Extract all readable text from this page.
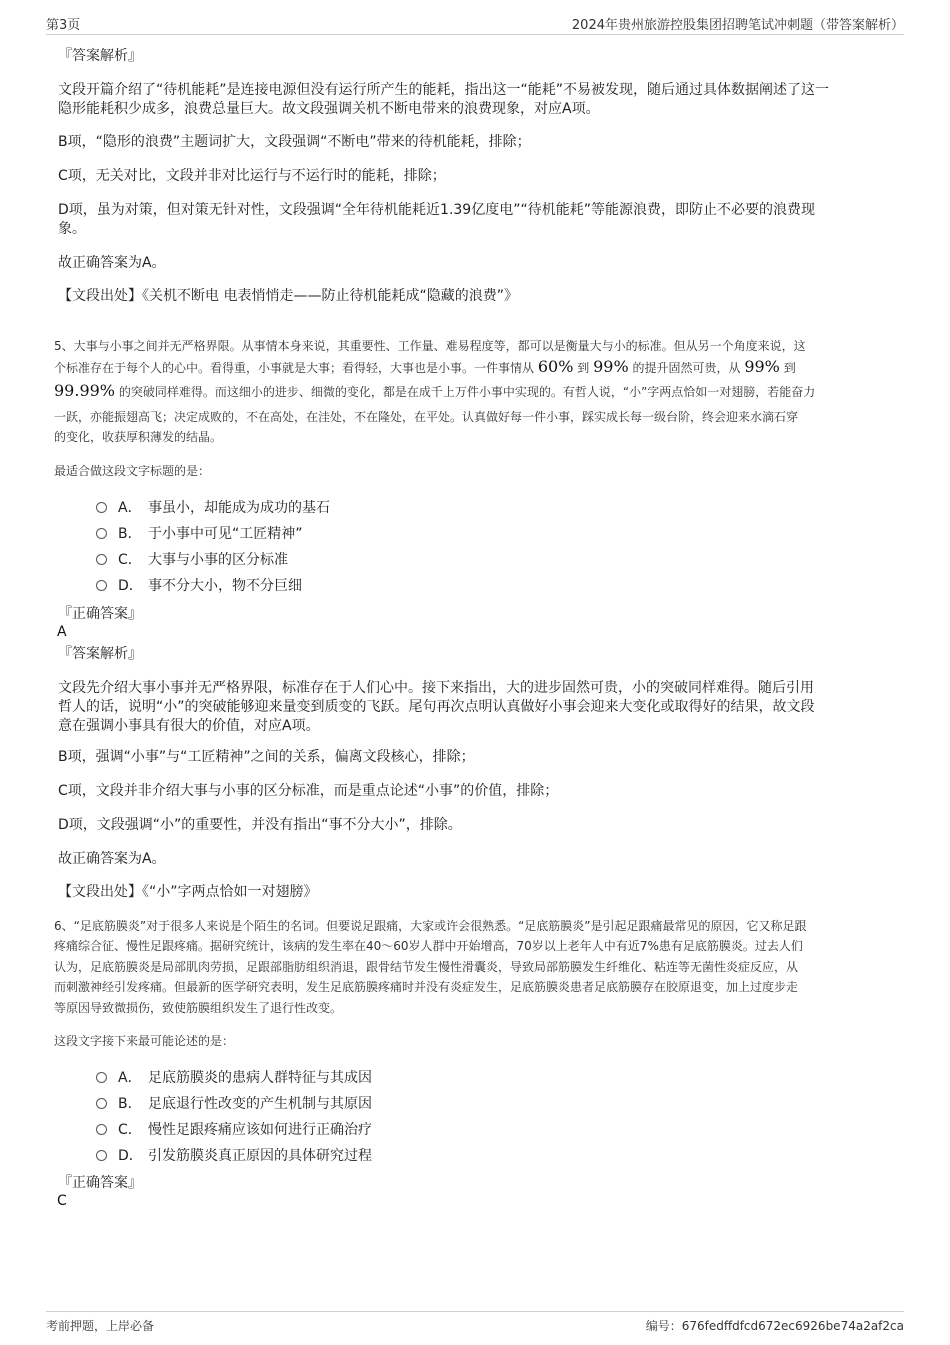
第3页	2024年贵州旅游控股集团招聘笔试冲刺题（带答案解析）
『答案解析』
文段开篇介绍了“待机能耗”是连接电源但没有运行所产生的能耗，指出这一“能耗”不易被发现，随后通过具体数据阐述了这一
隐形能耗积少成多，浪费总量巨大。故文段强调关机不断电带来的浪费现象，对应A项。
B项，“隐形的浪费”主题词扩大，文段强调“不断电”带来的待机能耗，排除；
C项，无关对比，文段并非对比运行与不运行时的能耗，排除；
D项，虽为对策，但对策无针对性，文段强调“全年待机能耗近1.39亿度电”“待机能耗”等能源浪费，即防止不必要的浪费现
象。
故正确答案为A。
【文段出处】《关机不断电 电表悄悄走——防止待机能耗成“隐藏的浪费”》
5、大事与小事之间并无严格界限。从事情本身来说，其重要性、工作量、难易程度等，都可以是衡量大与小的标准。但从另一个角度来说，这
个标准存在于每个人的心中。看得重，小事就是大事；看得轻，大事也是小事。一件事情从 60% 到 99% 的提升固然可贵，从 99% 到
99.99% 的突破同样难得。而这细小的进步、细微的变化，都是在成千上万件小事中实现的。有哲人说，“小”字两点恰如一对翅膀，若能奋力
一跃，亦能振翅高飞；决定成败的，不在高处，在洼处，不在隆处，在平处。认真做好每一件小事，踩实成长每一级台阶，终会迎来水滴石穿
的变化，收获厚积薄发的结晶。
最适合做这段文字标题的是：
A． 事虽小，却能成为成功的基石
B． 于小事中可见“工匠精神”
C． 大事与小事的区分标准
D． 事不分大小，物不分巨细
『正确答案』
A
『答案解析』
文段先介绍大事小事并无严格界限，标准存在于人们心中。接下来指出，大的进步固然可贵，小的突破同样难得。随后引用
哲人的话，说明“小”的突破能够迎来量变到质变的飞跃。尾句再次点明认真做好小事会迎来大变化或取得好的结果，故文段
意在强调小事具有很大的价值，对应A项。
B项，强调“小事”与“工匠精神”之间的关系，偏离文段核心，排除；
C项，文段并非介绍大事与小事的区分标准，而是重点论述“小事”的价值，排除；
D项，文段强调“小”的重要性，并没有指出“事不分大小”，排除。
故正确答案为A。
【文段出处】《“小”字两点恰如一对翅膀》
6、“足底筋膜炎”对于很多人来说是个陌生的名词。但要说足跟痛，大家或许会很熟悉。“足底筋膜炎”是引起足跟痛最常见的原因，它又称足跟
疼痛综合征、慢性足跟疼痛。据研究统计，该病的发生率在40～60岁人群中开始增高，70岁以上老年人中有近7%患有足底筋膜炎。过去人们
认为，足底筋膜炎是局部肌肉劳损，足跟部脂肪组织消退，跟骨结节发生慢性滑囊炎，导致局部筋膜发生纤维化、粘连等无菌性炎症反应，从
而刺激神经引发疼痛。但最新的医学研究表明，发生足底筋膜疼痛时并没有炎症发生，足底筋膜炎患者足底筋膜存在胶原退变，加上过度步走
等原因导致微损伤，致使筋膜组织发生了退行性改变。
这段文字接下来最可能论述的是：
A． 足底筋膜炎的患病人群特征与其成因
B． 足底退行性改变的产生机制与其原因
C． 慢性足跟疼痛应该如何进行正确治疗
D． 引发筋膜炎真正原因的具体研究过程
『正确答案』
C
考前押题，上岸必备	编号：676fedffdfcd672ec6926be74a2af2ca
